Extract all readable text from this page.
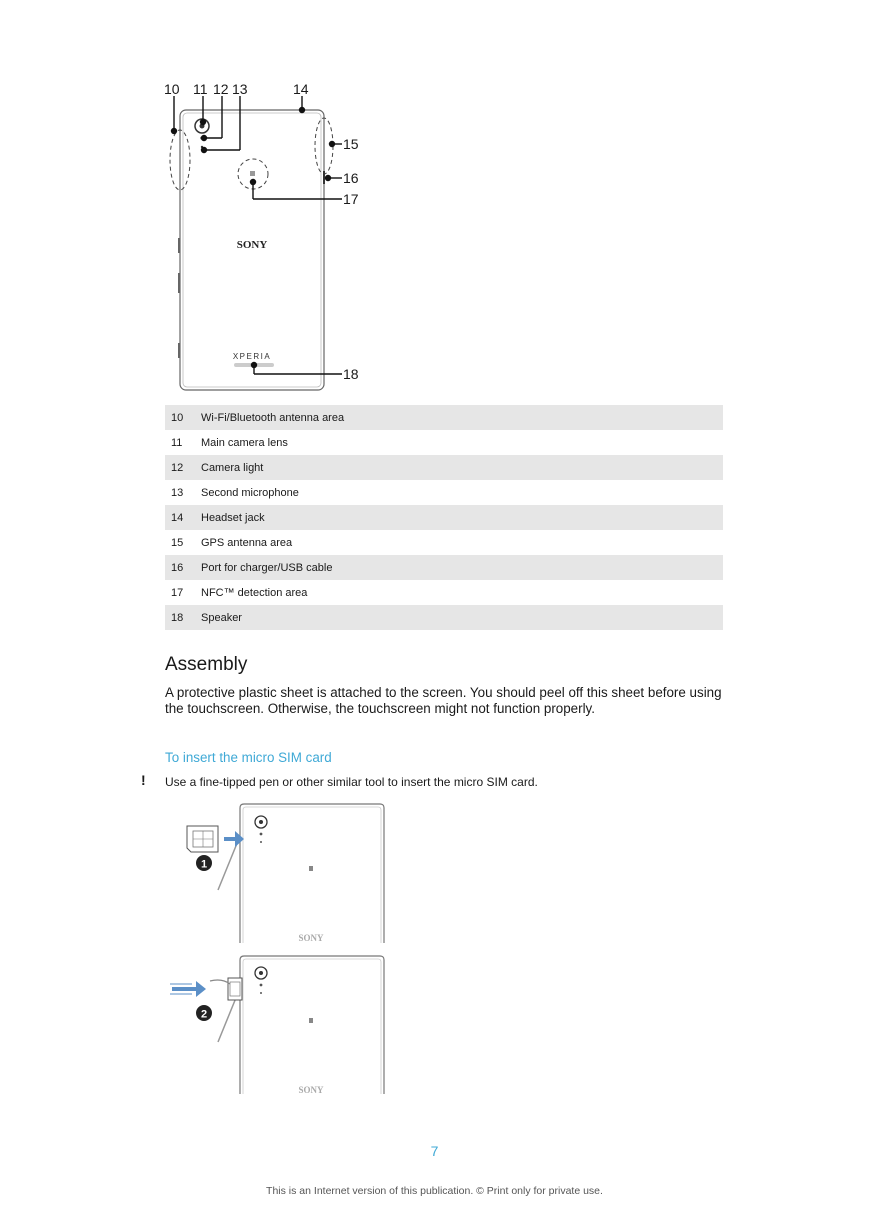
SONY
XPERIA
10 11 12 13	14
15
16
17
18
10	Wi-Fi/Bluetooth antenna area
11	Main camera lens
12	Camera light
13	Second microphone
14	Headset jack
15	GPS antenna area
16	Port for charger/USB cable
17	NFC™ detection area
18	Speaker
Assembly

A protective plastic sheet is attached to the screen. You should peel off this sheet before using the touchscreen. Otherwise, the touchscreen might not function properly.

To insert the micro SIM card

! Use a fine-tipped pen or other similar tool to insert the micro SIM card.

SONY
1
SONY
2
7
This is an Internet version of this publication. © Print only for private use.
